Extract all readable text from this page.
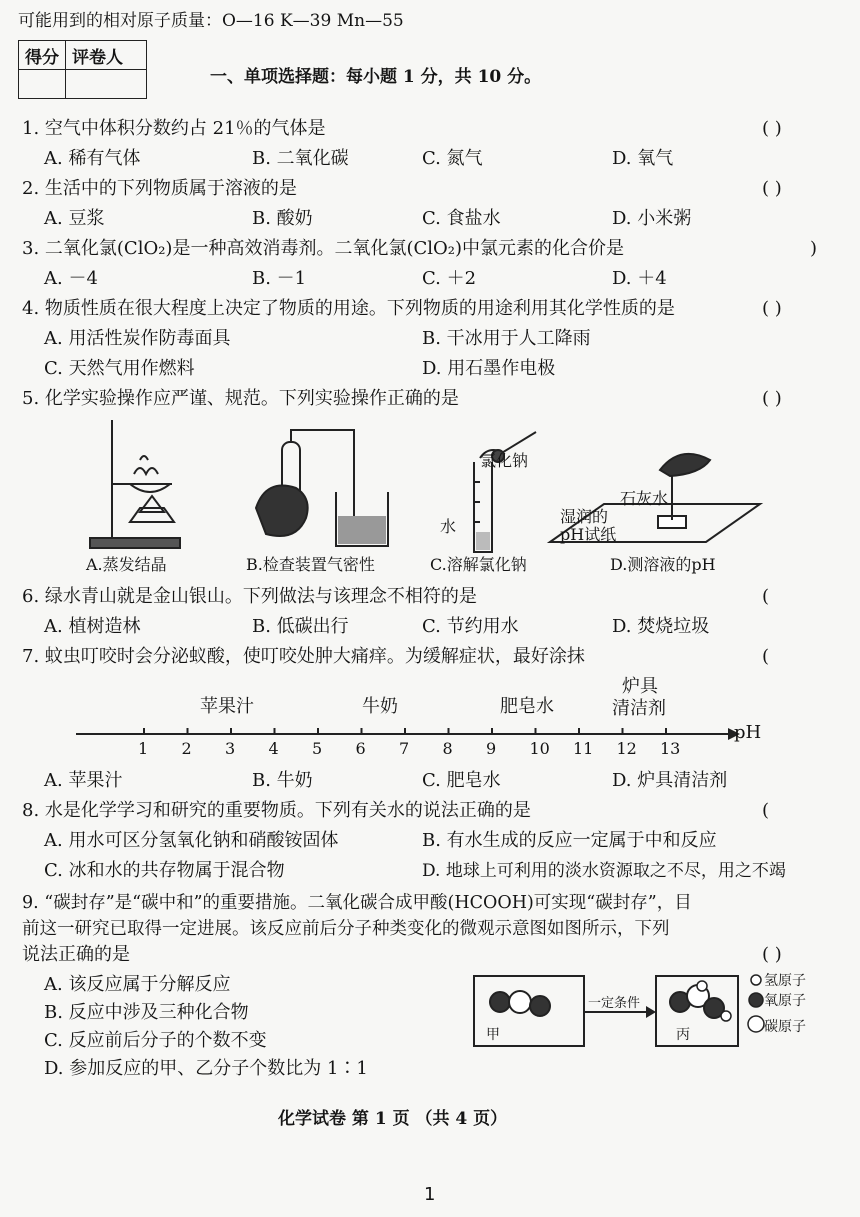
可能用到的相对原子质量：O—16 K—39 Mn—55
得分	评卷人

一、单项选择题：每小题 1 分，共 10 分。
1. 空气中体积分数约占 21％的气体是	( )
A. 稀有气体	B. 二氧化碳	C. 氮气	D. 氧气
2. 生活中的下列物质属于溶液的是	( )
A. 豆浆	B. 酸奶	C. 食盐水	D. 小米粥
3. 二氧化氯(ClO₂)是一种高效消毒剂。二氧化氯(ClO₂)中氯元素的化合价是	)
A. －4	B. －1	C. ＋2	D. ＋4
4. 物质性质在很大程度上决定了物质的用途。下列物质的用途利用其化学性质的是	( )
A. 用活性炭作防毒面具	B. 干冰用于人工降雨
C. 天然气用作燃料	D. 用石墨作电极
5. 化学实验操作应严谨、规范。下列实验操作正确的是	( )
氯化钠
水
石灰水
湿润的
pH试纸
A.蒸发结晶	B.检查装置气密性	C.溶解氯化钠	D.测溶液的pH
6. 绿水青山就是金山银山。下列做法与该理念不相符的是	(
A. 植树造林	B. 低碳出行	C. 节约用水	D. 焚烧垃圾
7. 蚊虫叮咬时会分泌蚁酸，使叮咬处肿大痛痒。为缓解症状，最好涂抹	(
苹果汁	牛奶	肥皂水
炉具
清洁剂
1 2 3 4 5 6 7 8 9 10 11 12 13
pH
A. 苹果汁	B. 牛奶	C. 肥皂水	D. 炉具清洁剂
8. 水是化学学习和研究的重要物质。下列有关水的说法正确的是	(
A. 用水可区分氢氧化钠和硝酸铵固体	B. 有水生成的反应一定属于中和反应
C. 冰和水的共存物属于混合物	D. 地球上可利用的淡水资源取之不尽，用之不竭
9. “碳封存”是“碳中和”的重要措施。二氧化碳合成甲酸(HCOOH)可实现“碳封存”，目
前这一研究已取得一定进展。该反应前后分子种类变化的微观示意图如图所示，下列
说法正确的是	( )
A. 该反应属于分解反应
B. 反应中涉及三种化合物
C. 反应前后分子的个数不变
D. 参加反应的甲、乙分子个数比为 1∶1
甲	丙
一定条件
氢原子
氧原子
碳原子
化学试卷 第 1 页 （共 4 页）
1
